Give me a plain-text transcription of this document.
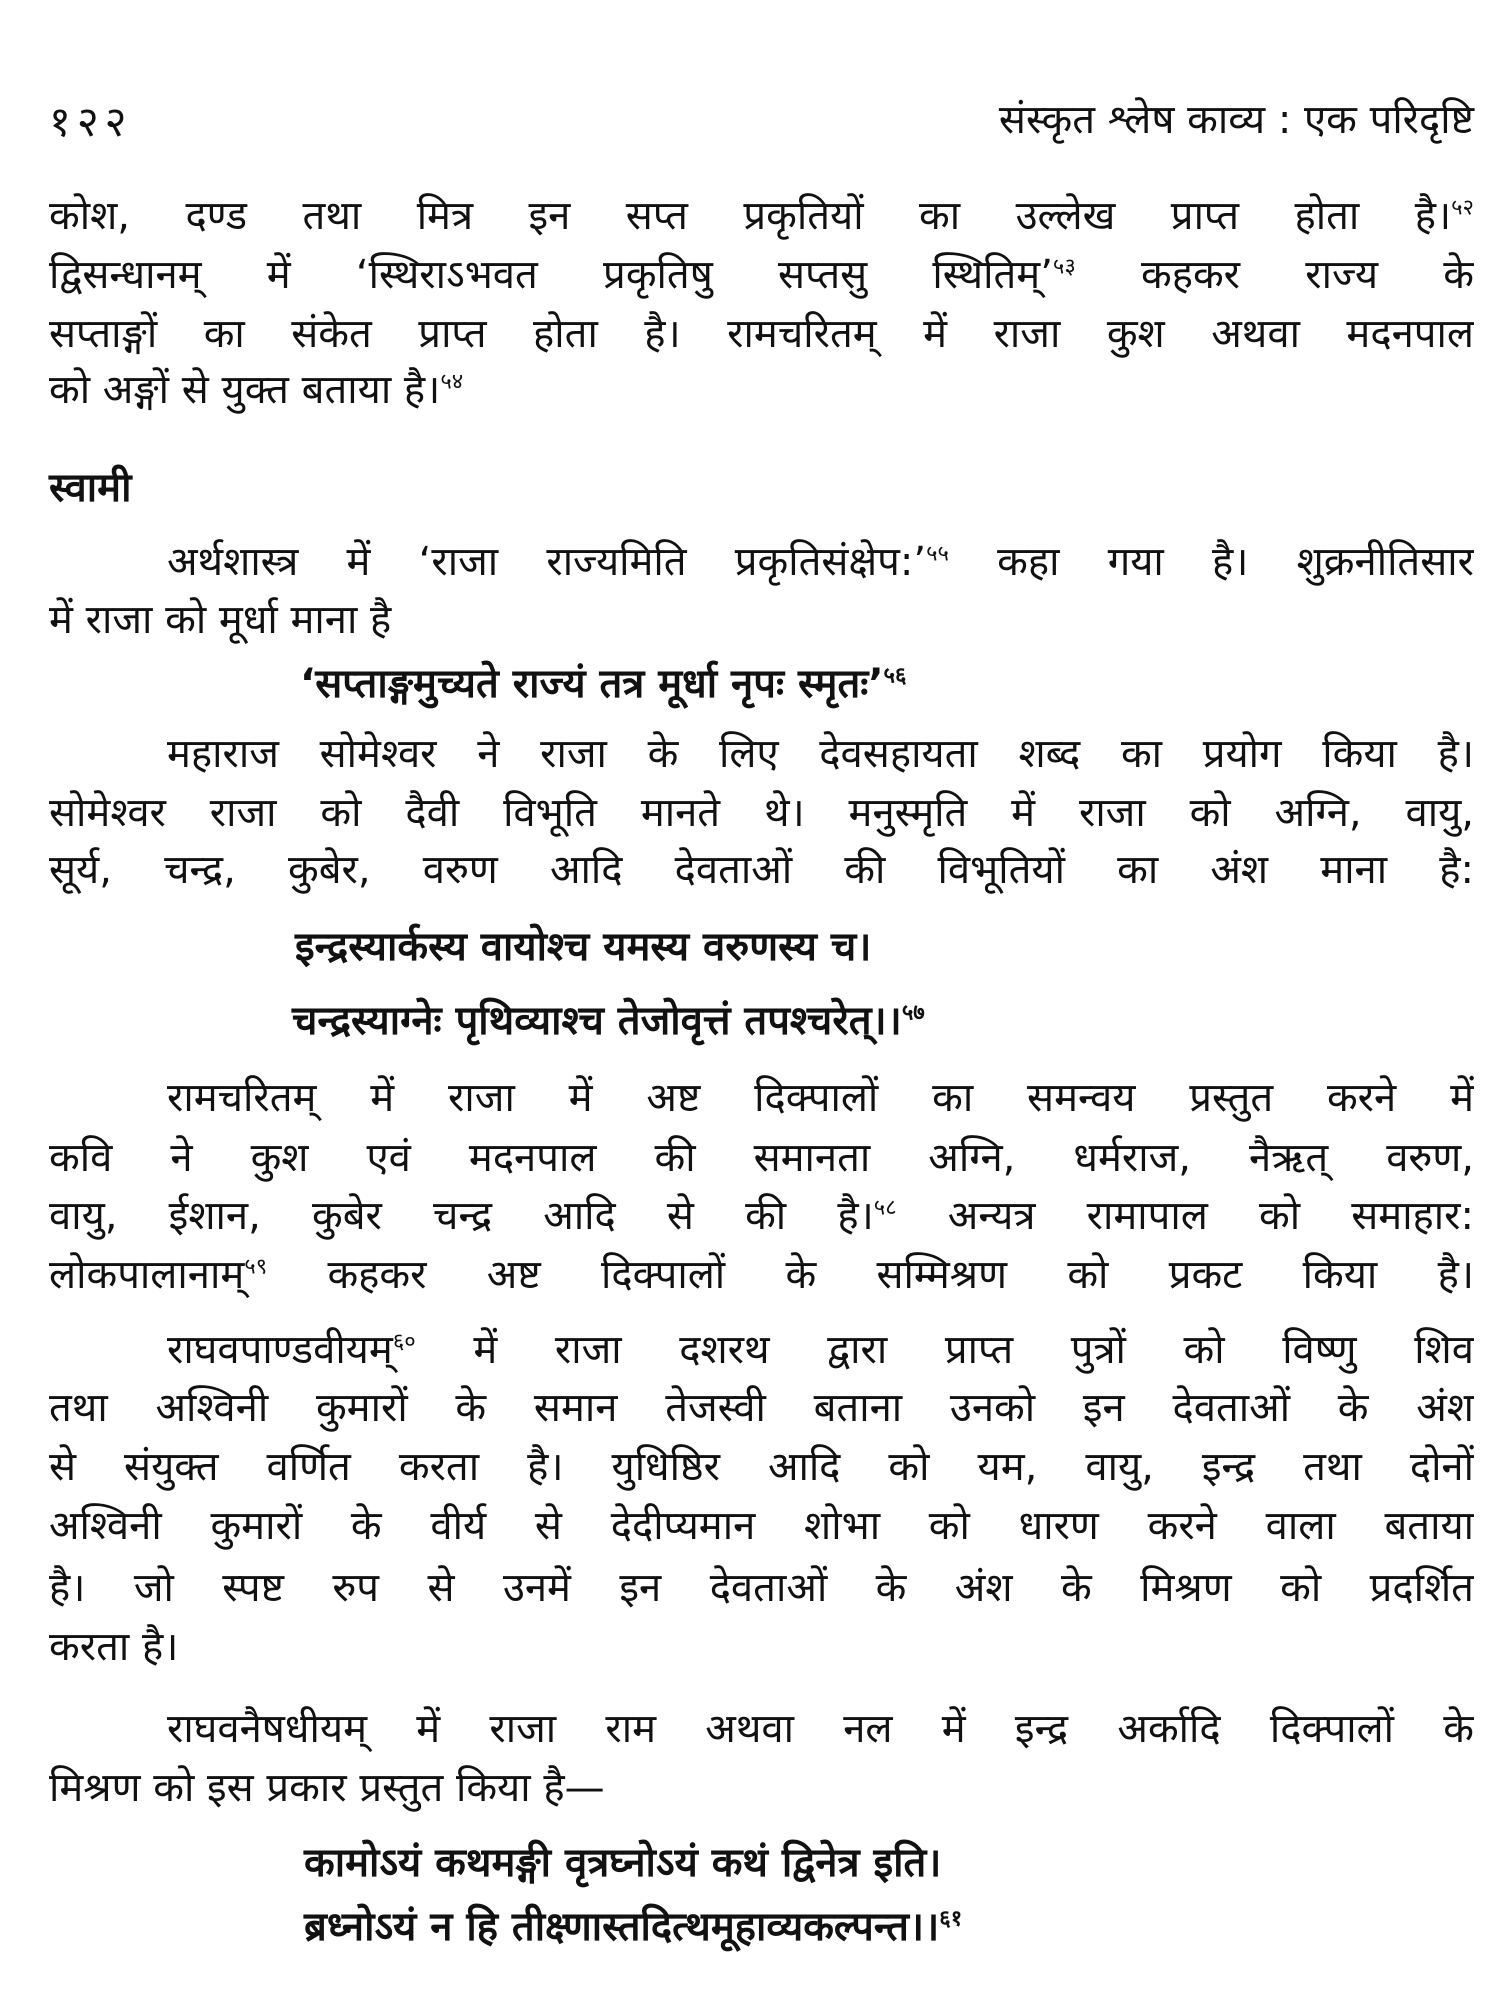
१२२	संस्कृत श्लेष काव्य : एक परिदृष्टि
कोश, दण्ड तथा मित्र इन सप्त प्रकृतियों का उल्लेख प्राप्त होता है।$^{५२}$
द्विसन्धानम् में ‘स्थिराऽभवत प्रकृतिषु सप्तसु स्थितिम्’$^{५३}$ कहकर राज्य के
सप्ताङ्गों का संकेत प्राप्त होता है। रामचरितम् में राजा कुश अथवा मदनपाल
को अङ्गों से युक्त बताया है।$^{५४}$
स्वामी
अर्थशास्त्र में ‘राजा राज्यमिति प्रकृतिसंक्षेप:’$^{५५}$ कहा गया है। शुक्रनीतिसार
में राजा को मूर्धा माना है
‘सप्ताङ्गमुच्यते राज्यं तत्र मूर्धा नृपः स्मृतः’$^{५६}$
महाराज सोमेश्वर ने राजा के लिए देवसहायता शब्द का प्रयोग किया है।
सोमेश्वर राजा को दैवी विभूति मानते थे। मनुस्मृति में राजा को अग्नि, वायु,
सूर्य, चन्द्र, कुबेर, वरुण आदि देवताओं की विभूतियों का अंश माना है:
इन्द्रस्यार्कस्य वायोश्च यमस्य वरुणस्य च।
चन्द्रस्याग्नेः पृथिव्याश्च तेजोवृत्तं तपश्चरेत्।।$^{५७}$
रामचरितम् में राजा में अष्ट दिक्पालों का समन्वय प्रस्तुत करने में
कवि ने कुश एवं मदनपाल की समानता अग्नि, धर्मराज, नैऋत् वरुण,
वायु, ईशान, कुबेर चन्द्र आदि से की है।$^{५८}$ अन्यत्र रामापाल को समाहार:
लोकपालानाम्$^{५९}$ कहकर अष्ट दिक्पालों के सम्मिश्रण को प्रकट किया है।
राघवपाण्डवीयम्$^{६०}$ में राजा दशरथ द्वारा प्राप्त पुत्रों को विष्णु शिव
तथा अश्विनी कुमारों के समान तेजस्वी बताना उनको इन देवताओं के अंश
से संयुक्त वर्णित करता है। युधिष्ठिर आदि को यम, वायु, इन्द्र तथा दोनों
अश्विनी कुमारों के वीर्य से देदीप्यमान शोभा को धारण करने वाला बताया
है। जो स्पष्ट रुप से उनमें इन देवताओं के अंश के मिश्रण को प्रदर्शित
करता है।
राघवनैषधीयम् में राजा राम अथवा नल में इन्द्र अर्कादि दिक्पालों के
मिश्रण को इस प्रकार प्रस्तुत किया है—
कामोऽयं कथमङ्गी वृत्रघ्नोऽयं कथं द्विनेत्र इति।
ब्रध्नोऽयं न हि तीक्ष्णास्तदित्थमूहाव्यकल्पन्त।।$^{६१}$
